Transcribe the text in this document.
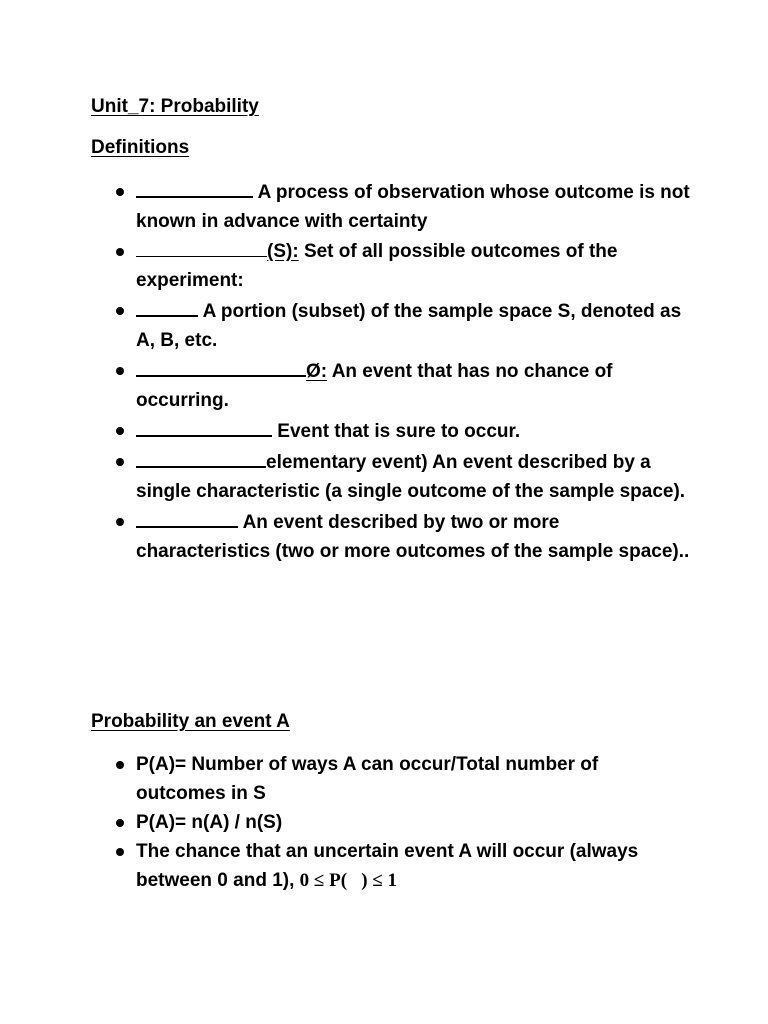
Unit_7: Probability
Definitions
A process of observation whose outcome is not known in advance with certainty
(S): Set of all possible outcomes of the experiment:
A portion (subset) of the sample space S, denoted as A, B, etc.
Ø: An event that has no chance of occurring.
Event that is sure to occur.
elementary event) An event described by a single characteristic (a single outcome of the sample space).
An event described by two or more characteristics (two or more outcomes of the sample space)..
Probability an event A
P(A)= Number of ways A can occur/Total number of outcomes in S
P(A)= n(A) / n(S)
The chance that an uncertain event A will occur (always between 0 and 1), 0 ≤ P(   ) ≤ 1
